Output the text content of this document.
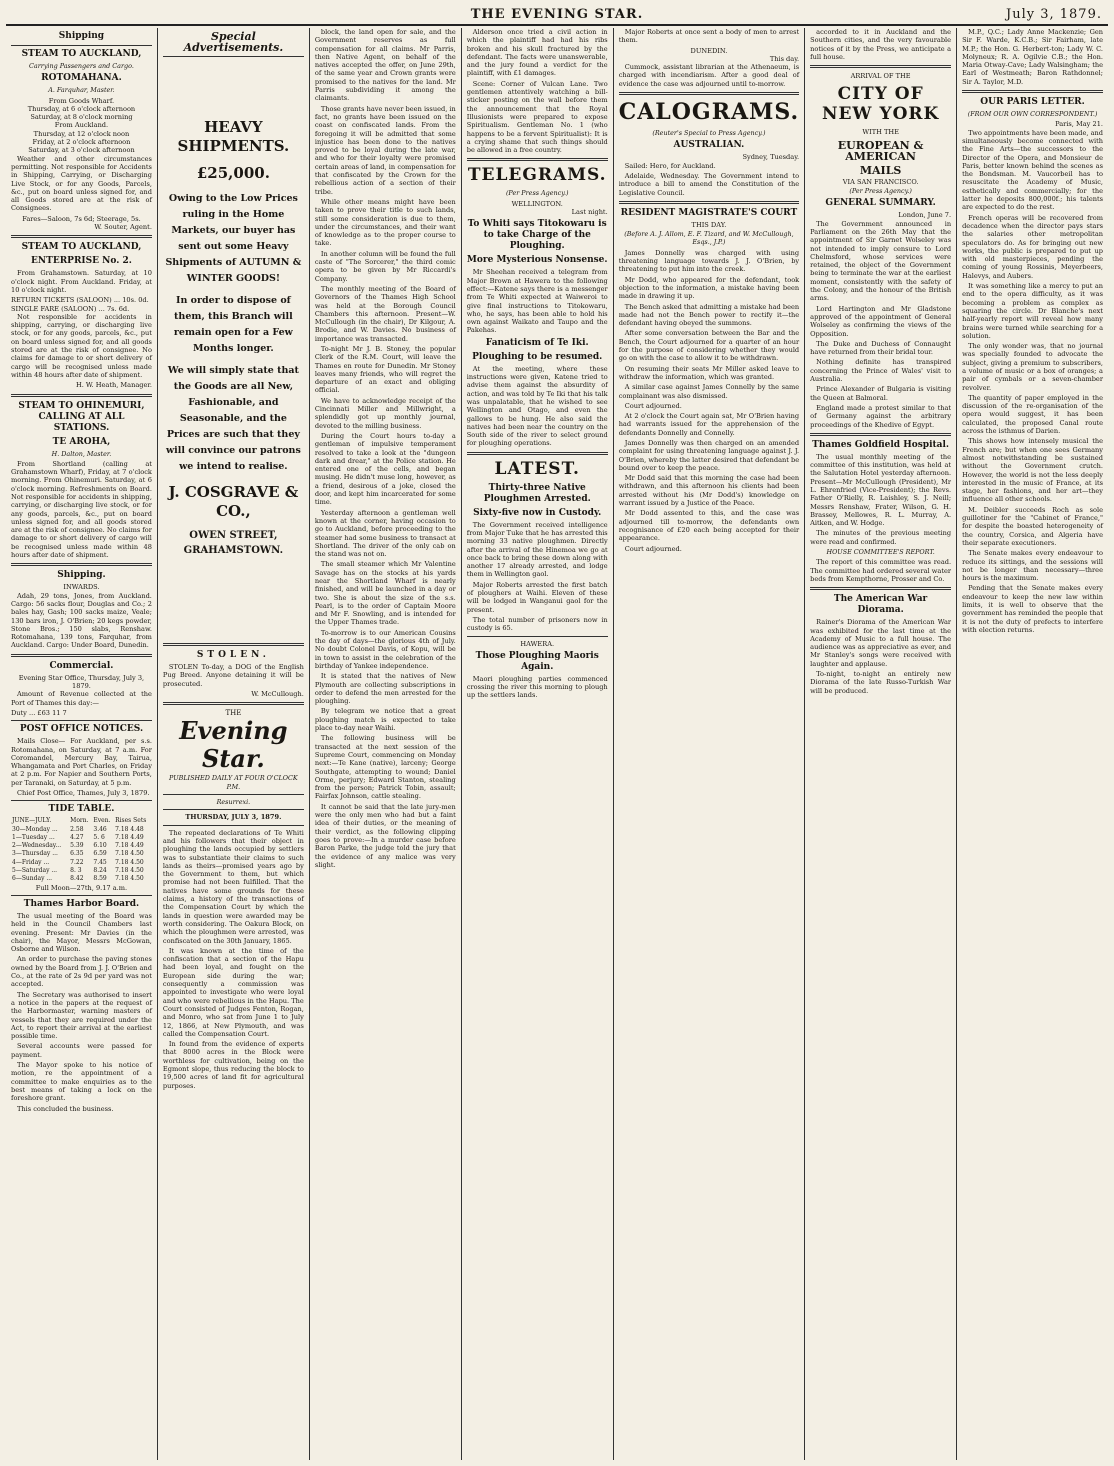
THE EVENING STAR.	July 3, 1879.
Shipping
STEAM TO AUCKLAND,
Carrying Passengers and Cargo.
ROTOMAHANA.
A. Farquhar, Master.
From Goods Wharf.
Thursday, at 6 o'clock afternoon
Saturday, at 8 o'clock morning
From Auckland.
Thursday, at 12 o'clock noon
Friday, at 2 o'clock afternoon
Saturday, at 3 o'clock afternoon

Weather and other circumstances permitting. Not responsible for Accidents in Shipping, Carrying, or Discharging Live Stock, or for any Goods, Parcels, &c., put on board unless signed for, and all Goods stored are at the risk of Consignees.

Fares—Saloon, 7s 6d; Steerage, 5s.
W. Souter, Agent.
STEAM TO AUCKLAND,
ENTERPRISE No. 2.

From Grahamstown. Saturday, at 10 o'clock night. From Auckland. Friday, at 10 o'clock night.

RETURN TICKETS (SALOON) ... 10s. 0d.
SINGLE FARE (SALOON) ... 7s. 6d.

Not responsible for accidents in shipping, carrying, or discharging live stock, or for any goods, parcels, &c., put on board unless signed for, and all goods stored are at the risk of consignee. No claims for damage to or short delivery of cargo will be recognised unless made within 48 hours after date of shipment.

H. W. Heath, Manager.
STEAM TO OHINEMURI, CALLING AT ALL STATIONS.
TE AROHA,
H. Dalton, Master.

From Shortland (calling at Grahamstown Wharf), Friday, at 7 o'clock morning. From Ohinemuri. Saturday, at 6 o'clock morning. Refreshments on Board. Not responsible for accidents in shipping, carrying, or discharging live stock, or for any goods, parcels, &c., put on board unless signed for, and all goods stored are at the risk of consignee. No claims for damage to or short delivery of cargo will be recognised unless made within 48 hours after date of shipment.

Shipping.
INWARDS.

Adah, 29 tons, Jones, from Auckland. Cargo: 56 sacks flour, Douglas and Co.; 2 bales hay, Gash; 100 sacks maize, Veale; 130 bars iron, J. O'Brien; 20 kegs powder, Stone Bros.; 150 slabs, Renshaw. Rotomahana, 139 tons, Farquhar, from Auckland. Cargo: Under Board, Dunedin.

Commercial.
Evening Star Office, Thursday, July 3, 1879.

Amount of Revenue collected at the Port of Thames this day:—

Duty ... £63 11 7
POST OFFICE NOTICES.

Mails Close— For Auckland, per s.s. Rotomahana, on Saturday, at 7 a.m. For Coromandel, Mercury Bay, Tairua, Whangamata and Port Charles, on Friday at 2 p.m. For Napier and Southern Ports, per Taranaki, on Saturday, at 5 p.m.

Chief Post Office, Thames, July 3, 1879.

TIDE TABLE.
JUNE—JULY.	Morn.	Even.	Rises Sets
30—Monday ...	2.58	3.46	7.18 4.48
1—Tuesday ...	4.27	5. 6	7.18 4.49
2—Wednesday...	5.39	6.10	7.18 4.49
3—Thursday ...	6.35	6.59	7.18 4.50
4—Friday ...	7.22	7.45	7.18 4.50
5—Saturday ...	8. 3	8.24	7.18 4.50
6—Sunday ...	8.42	8.59	7.18 4.50
Full Moon—27th, 9.17 a.m.
Thames Harbor Board.

The usual meeting of the Board was held in the Council Chambers last evening. Present: Mr Davies (in the chair), the Mayor, Messrs McGowan, Osborne and Wilson.

An order to purchase the paving stones owned by the Board from J. J. O'Brien and Co., at the rate of 2s 9d per yard was not accepted.

The Secretary was authorised to insert a notice in the papers at the request of the Harbormaster, warning masters of vessels that they are required under the Act, to report their arrival at the earliest possible time.

Several accounts were passed for payment.

The Mayor spoke to his notice of motion, re the appointment of a committee to make enquiries as to the best means of taking a lock on the foreshore grant.

This concluded the business.

Special Advertisements.
HEAVY SHIPMENTS.
£25,000.
Owing to the Low Prices ruling in the Home Markets, our buyer has sent out some Heavy Shipments of AUTUMN & WINTER GOODS!
In order to dispose of them, this Branch will remain open for a Few Months longer.
We will simply state that the Goods are all New, Fashionable, and Seasonable, and the Prices are such that they will convince our patrons we intend to realise.
J. COSGRAVE & CO.,
OWEN STREET,
GRAHAMSTOWN.
STOLEN.

STOLEN To-day, a DOG of the English Pug Breed. Anyone detaining it will be prosecuted.

W. McCullough.
THE
Evening Star.
PUBLISHED DAILY AT FOUR O'CLOCK P.M.
Resurrexi.
THURSDAY, JULY 3, 1879.

The repeated declarations of Te Whiti and his followers that their object in ploughing the lands occupied by settlers was to substantiate their claims to such lands as theirs—promised years ago by the Government to them, but which promise had not been fulfilled. That the natives have some grounds for these claims, a history of the transactions of the Compensation Court by which the lands in question were awarded may be worth considering. The Oakura Block, on which the ploughmen were arrested, was confiscated on the 30th January, 1865.

It was known at the time of the confiscation that a section of the Hapu had been loyal, and fought on the European side during the war; consequently a commission was appointed to investigate who were loyal and who were rebellious in the Hapu. The Court consisted of Judges Fenton, Rogan, and Monro, who sat from June 1 to July 12, 1866, at New Plymouth, and was called the Compensation Court.

In found from the evidence of experts that 8000 acres in the Block were worthless for cultivation, being on the Egmont slope, thus reducing the block to 19,500 acres of land fit for agricultural purposes.

block, the land open for sale, and the Government reserves as full compensation for all claims. Mr Parris, then Native Agent, on behalf of the natives accepted the offer, on June 29th, of the same year and Crown grants were promised to the natives for the land. Mr Parris subdividing it among the claimants.

Those grants have never been issued, in fact, no grants have been issued on the coast on confiscated lands. From the foregoing it will be admitted that some injustice has been done to the natives proved to be loyal during the late war, and who for their loyalty were promised certain areas of land, in compensation for that confiscated by the Crown for the rebellious action of a section of their tribe.

While other means might have been taken to prove their title to such lands, still some consideration is due to them, under the circumstances, and their want of knowledge as to the proper course to take.

In another column will be found the full caste of "The Sorcerer," the third comic opera to be given by Mr Riccardi's Company.

The monthly meeting of the Board of Governors of the Thames High School was held at the Borough Council Chambers this afternoon. Present—W. McCullough (in the chair), Dr Kilgour, A. Brodie, and W. Davies. No business of importance was transacted.

To-night Mr J. B. Stoney, the popular Clerk of the R.M. Court, will leave the Thames en route for Dunedin. Mr Stoney leaves many friends, who will regret the departure of an exact and obliging official.

We have to acknowledge receipt of the Cincinnati Miller and Millwright, a splendidly got up monthly journal, devoted to the milling business.

During the Court hours to-day a gentleman of impulsive temperament resolved to take a look at the "dungeon dark and drear," at the Police station. He entered one of the cells, and began musing. He didn't muse long, however, as a friend, desirous of a joke, closed the door, and kept him incarcerated for some time.

Yesterday afternoon a gentleman well known at the corner, having occasion to go to Auckland, before proceeding to the steamer had some business to transact at Shortland. The driver of the only cab on the stand was not on.

The small steamer which Mr Valentine Savage has on the stocks at his yards near the Shortland Wharf is nearly finished, and will be launched in a day or two. She is about the size of the s.s. Pearl, is to the order of Captain Moore and Mr F. Snowling, and is intended for the Upper Thames trade.

To-morrow is to our American Cousins the day of days—the glorious 4th of July. No doubt Colonel Davis, of Kopu, will be in town to assist in the celebration of the birthday of Yankee independence.

It is stated that the natives of New Plymouth are collecting subscriptions in order to defend the men arrested for the ploughing.

By telegram we notice that a great ploughing match is expected to take place to-day near Waihi.

The following business will be transacted at the next session of the Supreme Court, commencing on Monday next:—Te Kane (native), larceny; George Southgate, attempting to wound; Daniel Orme, perjury; Edward Stanton, stealing from the person; Patrick Tobin, assault; Fairfax Johnson, cattle stealing.

It cannot be said that the late jury-men were the only men who had but a faint idea of their duties, or the meaning of their verdict, as the following clipping goes to prove:—In a murder case before Baron Parke, the judge told the jury that the evidence of any malice was very slight.

Alderson once tried a civil action in which the plaintiff had had his ribs broken and his skull fractured by the defendant. The facts were unanswerable, and the jury found a verdict for the plaintiff, with £1 damages.

Scene: Corner of Vulcan Lane. Two gentlemen attentively watching a bill-sticker posting on the wall before them the announcement that the Royal Illusionists were prepared to expose Spiritualism. Gentleman No. 1 (who happens to be a fervent Spiritualist): It is a crying shame that such things should be allowed in a free country.

TELEGRAMS.
(Per Press Agency.)
WELLINGTON.
Last night.
To Whiti says Titokowaru is to take Charge of the Ploughing.
More Mysterious Nonsense.

Mr Sheehan received a telegram from Major Brown at Hawera to the following effect:—Katene says there is a messenger from Te Whiti expected at Waiweroi to give final instructions to Titokowaru, who, he says, has been able to hold his own against Waikato and Taupo and the Pakehas.

Fanaticism of Te Iki.
Ploughing to be resumed.

At the meeting, where these instructions were given, Katene tried to advise them against the absurdity of action, and was told by Te Iki that his talk was unpalatable, that he wished to see Wellington and Otago, and even the gallows to be hung. He also said the natives had been near the country on the South side of the river to select ground for ploughing operations.

LATEST.
Thirty-three Native Ploughmen Arrested.
Sixty-five now in Custody.

The Government received intelligence from Major Tuke that he has arrested this morning 33 native ploughmen. Directly after the arrival of the Hinemoa we go at once back to bring these down along with another 17 already arrested, and lodge them in Wellington gaol.

Major Roberts arrested the first batch of ploughers at Waihi. Eleven of these will be lodged in Wanganui gaol for the present.

The total number of prisoners now in custody is 65.

HAWERA.
Those Ploughing Maoris Again.

Maori ploughing parties commenced crossing the river this morning to plough up the settlers lands.

Major Roberts at once sent a body of men to arrest them.

DUNEDIN.
This day.

Cummock, assistant librarian at the Athenaeum, is charged with incendiarism. After a good deal of evidence the case was adjourned until to-morrow.

CALOGRAMS.
(Reuter's Special to Press Agency.)
AUSTRALIAN.
Sydney, Tuesday.

Sailed: Hero, for Auckland.

Adelaide, Wednesday. The Government intend to introduce a bill to amend the Constitution of the Legislative Council.

RESIDENT MAGISTRATE'S COURT
THIS DAY.
(Before A. J. Allom, E. F. Tizard, and W. McCullough, Esqs., J.P.)

James Donnelly was charged with using threatening language towards J. J. O'Brien, by threatening to put him into the creek.

Mr Dodd, who appeared for the defendant, took objection to the information, a mistake having been made in drawing it up.

The Bench asked that admitting a mistake had been made had not the Bench power to rectify it—the defendant having obeyed the summons.

After some conversation between the Bar and the Bench, the Court adjourned for a quarter of an hour for the purpose of considering whether they would go on with the case to allow it to be withdrawn.

On resuming their seats Mr Miller asked leave to withdraw the information, which was granted.

A similar case against James Connelly by the same complainant was also dismissed.

Court adjourned.

At 2 o'clock the Court again sat, Mr O'Brien having had warrants issued for the apprehension of the defendants Donnelly and Connelly.

James Donnelly was then charged on an amended complaint for using threatening language against J. J. O'Brien, whereby the latter desired that defendant be bound over to keep the peace.

Mr Dodd said that this morning the case had been withdrawn, and this afternoon his clients had been arrested without his (Mr Dodd's) knowledge on warrant issued by a Justice of the Peace.

Mr Dodd assented to this, and the case was adjourned till to-morrow, the defendants own recognisance of £20 each being accepted for their appearance.

Court adjourned.

accorded to it in Auckland and the Southern cities, and the very favourable notices of it by the Press, we anticipate a full house.

ARRIVAL OF THE
CITY OF NEW YORK
WITH THE
EUROPEAN & AMERICAN
MAILS
VIA SAN FRANCISCO.
(Per Press Agency.)
GENERAL SUMMARY.
London, June 7.

The Government announced in Parliament on the 26th May that the appointment of Sir Garnet Wolseley was not intended to imply censure to Lord Chelmsford, whose services were retained, the object of the Government being to terminate the war at the earliest moment, consistently with the safety of the Colony, and the honour of the British arms.

Lord Hartington and Mr Gladstone approved of the appointment of General Wolseley as confirming the views of the Opposition.

The Duke and Duchess of Connaught have returned from their bridal tour.

Nothing definite has transpired concerning the Prince of Wales' visit to Australia.

Prince Alexander of Bulgaria is visiting the Queen at Balmoral.

England made a protest similar to that of Germany against the arbitrary proceedings of the Khedive of Egypt.

Thames Goldfield Hospital.

The usual monthly meeting of the committee of this institution, was held at the Salutation Hotel yesterday afternoon. Present—Mr McCullough (President), Mr L. Ehrenfried (Vice-President); the Revs. Father O'Rielly, R. Laishley, S. J. Neill; Messrs Renshaw, Frater, Wilson, G. H. Brassey, Mellowes, R. L. Murray, A. Aitken, and W. Hodge.

The minutes of the previous meeting were read and confirmed.

HOUSE COMMITTEE'S REPORT.

The report of this committee was read. The committee had ordered several water beds from Kempthorne, Prosser and Co.

The American War Diorama.

Rainer's Diorama of the American War was exhibited for the last time at the Academy of Music to a full house. The audience was as appreciative as ever, and Mr Stanley's songs were received with laughter and applause.

To-night, to-night an entirely new Diorama of the late Russo-Turkish War will be produced.

M.P., Q.C.; Lady Anne Mackenzie; Gen Sir F. Warde, K.C.B.; Sir Fairham, late M.P.; the Hon. G. Herbert-ton; Lady W. C. Molyneux; R. A. Ogilvie C.B.; the Hon. Maria Otway-Cave; Lady Walsingham; the Earl of Westmeath; Baron Rathdonnel; Sir A. Taylor, M.D.

OUR PARIS LETTER.
(FROM OUR OWN CORRESPONDENT.)
Paris, May 21.

Two appointments have been made, and simultaneously become connected with the Fine Arts—the successors to the Director of the Opera, and Monsieur de Paris, better known behind the scenes as the Bondsman. M. Vaucorbeil has to resuscitate the Academy of Music, esthetically and commercially; for the latter he deposits 800,000f.; his talents are expected to do the rest.

French operas will be recovered from decadence when the director pays stars the salaries other metropolitan speculators do. As for bringing out new works, the public is prepared to put up with old masterpieces, pending the coming of young Rossinis, Meyerbeers, Halevys, and Aubers.

It was something like a mercy to put an end to the opera difficulty, as it was becoming a problem as complex as squaring the circle. Dr Blanche's next half-yearly report will reveal how many brains were turned while searching for a solution.

The only wonder was, that no journal was specially founded to advocate the subject, giving a premium to subscribers, a volume of music or a box of oranges; a pair of cymbals or a seven-chamber revolver.

The quantity of paper employed in the discussion of the re-organisation of the opera would suggest, it has been calculated, the proposed Canal route across the isthmus of Darien.

This shows how intensely musical the French are; but when one sees Germany almost notwithstanding be sustained without the Government crutch. However, the world is not the less deeply interested in the music of France, at its stage, her fashions, and her art—they influence all other schools.

M. Deibler succeeds Roch as sole guillotiner for the "Cabinet of France," for despite the boasted heterogeneity of the country, Corsica, and Algeria have their separate executioners.

The Senate makes every endeavour to reduce its sittings, and the sessions will not be longer than necessary—three hours is the maximum.

Pending that the Senate makes every endeavour to keep the new law within limits, it is well to observe that the government has reminded the people that it is not the duty of prefects to interfere with election returns.
